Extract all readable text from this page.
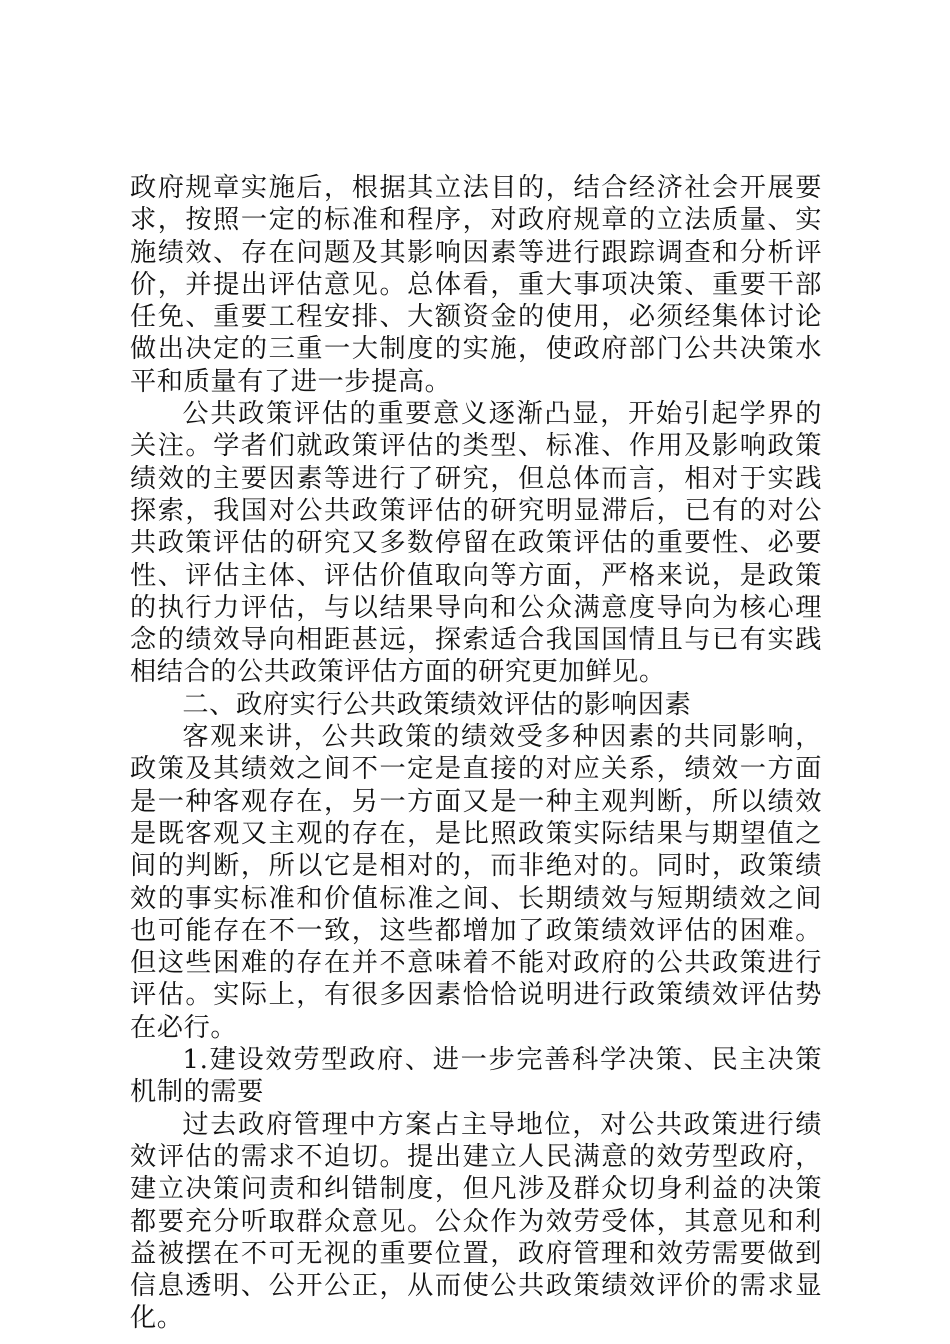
政府规章实施后，根据其立法目的，结合经济社会开展要求，按照一定的标准和程序，对政府规章的立法质量、实施绩效、存在问题及其影响因素等进行跟踪调查和分析评价，并提出评估意见。总体看，重大事项决策、重要干部任免、重要工程安排、大额资金的使用，必须经集体讨论做出决定的三重一大制度的实施，使政府部门公共决策水平和质量有了进一步提高。

公共政策评估的重要意义逐渐凸显，开始引起学界的关注。学者们就政策评估的类型、标准、作用及影响政策绩效的主要因素等进行了研究，但总体而言，相对于实践探索，我国对公共政策评估的研究明显滞后，已有的对公共政策评估的研究又多数停留在政策评估的重要性、必要性、评估主体、评估价值取向等方面，严格来说，是政策的执行力评估，与以结果导向和公众满意度导向为核心理念的绩效导向相距甚远，探索适合我国国情且与已有实践相结合的公共政策评估方面的研究更加鲜见。

二、政府实行公共政策绩效评估的影响因素

客观来讲，公共政策的绩效受多种因素的共同影响，政策及其绩效之间不一定是直接的对应关系，绩效一方面是一种客观存在，另一方面又是一种主观判断，所以绩效是既客观又主观的存在，是比照政策实际结果与期望值之间的判断，所以它是相对的，而非绝对的。同时，政策绩效的事实标准和价值标准之间、长期绩效与短期绩效之间也可能存在不一致，这些都增加了政策绩效评估的困难。但这些困难的存在并不意味着不能对政府的公共政策进行评估。实际上，有很多因素恰恰说明进行政策绩效评估势在必行。

1.建设效劳型政府、进一步完善科学决策、民主决策机制的需要

过去政府管理中方案占主导地位，对公共政策进行绩效评估的需求不迫切。提出建立人民满意的效劳型政府，建立决策问责和纠错制度，但凡涉及群众切身利益的决策都要充分听取群众意见。公众作为效劳受体，其意见和利益被摆在不可无视的重要位置，政府管理和效劳需要做到信息透明、公开公正，从而使公共政策绩效评价的需求显化。
